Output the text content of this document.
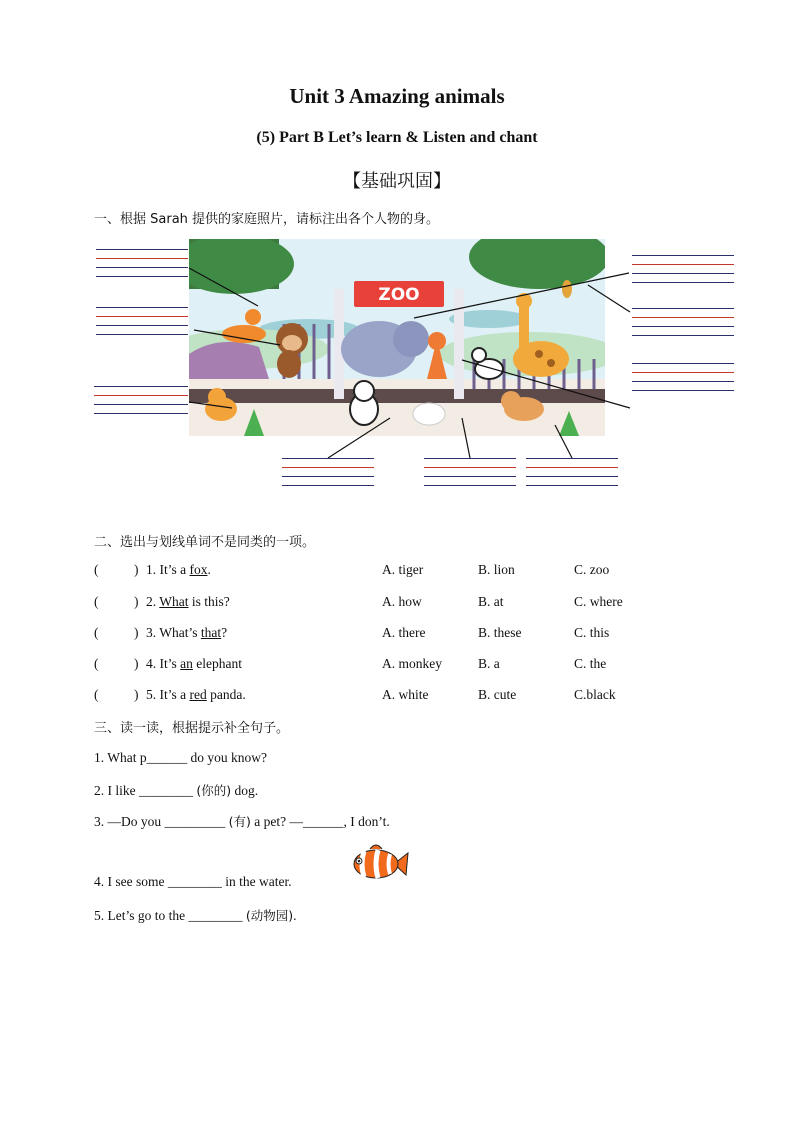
Unit 3 Amazing animals
(5) Part B Let’s learn & Listen and chant
【基础巩固】
一、根据 Sarah 提供的家庭照片，请标注出各个人物的身。
ZOO
二、选出与划线单词不是同类的一项。
(	) 1. It’s a fox.	A. tiger	B. lion	C. zoo
(	) 2. What is this?	A. how	B. at	C. where
(	) 3. What’s that?	A. there	B. these	C. this
(	) 4. It’s an elephant	A. monkey	B. a	C. the
(	) 5. It’s a red panda.	A. white	B. cute	C.black
三、读一读，根据提示补全句子。
1. What p______ do you know?
2. I like ________ (你的) dog.
3. —Do you _________ (有) a pet? —______, I don’t.
4. I see some ________ in the water.
5. Let’s go to the ________ (动物园).
